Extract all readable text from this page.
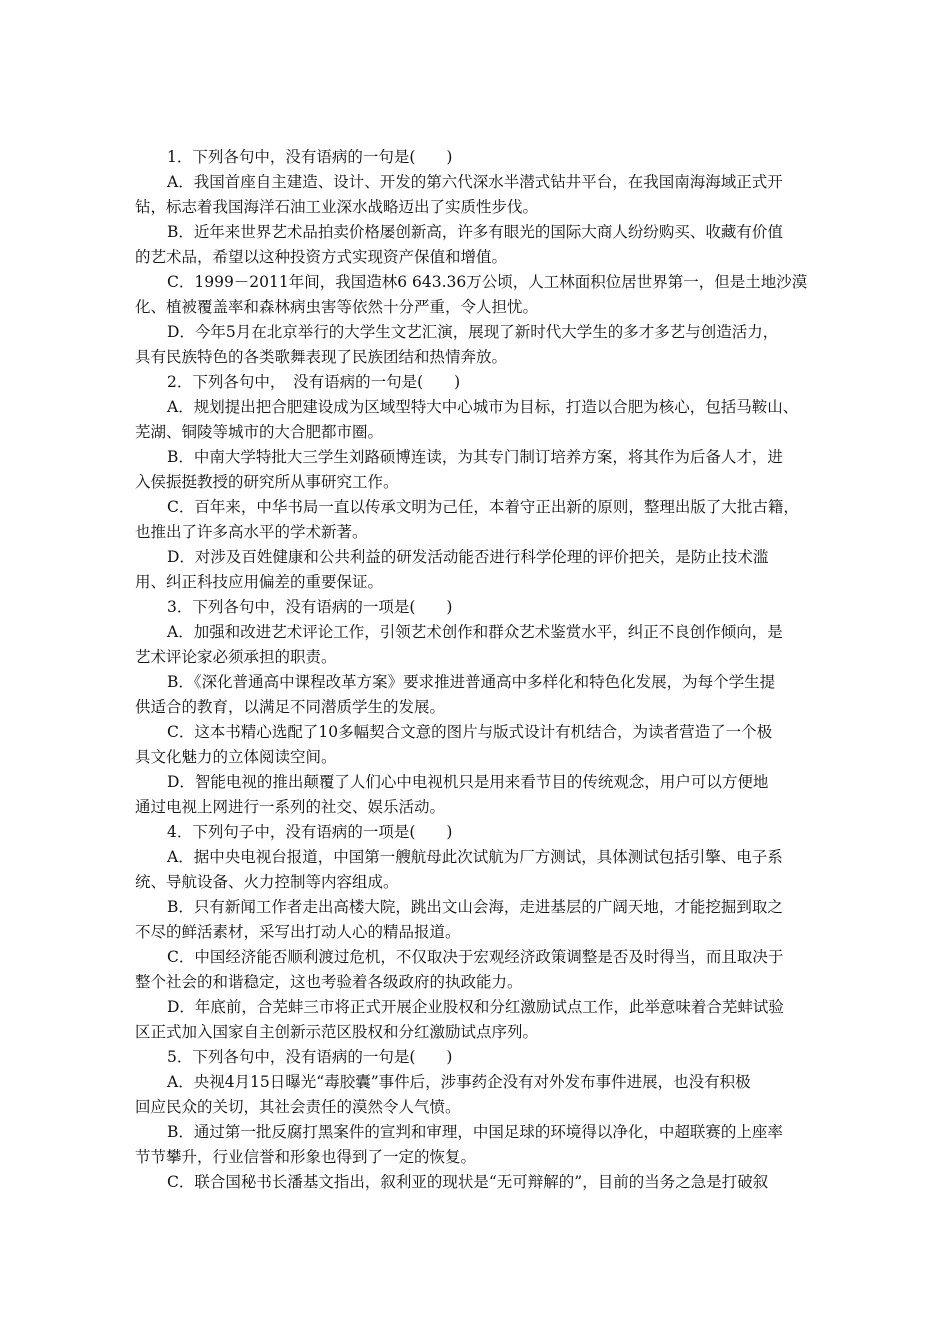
1．下列各句中，没有语病的一句是(　　)
A．我国首座自主建造、设计、开发的第六代深水半潜式钻井平台，在我国南海海域正式开
钻，标志着我国海洋石油工业深水战略迈出了实质性步伐。
B．近年来世界艺术品拍卖价格屡创新高，许多有眼光的国际大商人纷纷购买、收藏有价值
的艺术品，希望以这种投资方式实现资产保值和增值。
C．1999－2011年间，我国造林6 643.36万公顷，人工林面积位居世界第一，但是土地沙漠
化、植被覆盖率和森林病虫害等依然十分严重，令人担忧。
D．今年5月在北京举行的大学生文艺汇演，展现了新时代大学生的多才多艺与创造活力，
具有民族特色的各类歌舞表现了民族团结和热情奔放。
2．下列各句中，　没有语病的一句是(　　)
A．规划提出把合肥建设成为区域型特大中心城市为目标，打造以合肥为核心，包括马鞍山、
芜湖、铜陵等城市的大合肥都市圈。
B．中南大学特批大三学生刘路硕博连读，为其专门制订培养方案，将其作为后备人才，进
入侯振挺教授的研究所从事研究工作。
C．百年来，中华书局一直以传承文明为己任，本着守正出新的原则，整理出版了大批古籍，
也推出了许多高水平的学术新著。
D．对涉及百姓健康和公共利益的研发活动能否进行科学伦理的评价把关，是防止技术滥
用、纠正科技应用偏差的重要保证。
3．下列各句中，没有语病的一项是(　　)
A．加强和改进艺术评论工作，引领艺术创作和群众艺术鉴赏水平，纠正不良创作倾向，是
艺术评论家必须承担的职责。
B．《深化普通高中课程改革方案》要求推进普通高中多样化和特色化发展，为每个学生提
供适合的教育，以满足不同潜质学生的发展。
C．这本书精心选配了10多幅契合文意的图片与版式设计有机结合，为读者营造了一个极
具文化魅力的立体阅读空间。
D．智能电视的推出颠覆了人们心中电视机只是用来看节目的传统观念，用户可以方便地
通过电视上网进行一系列的社交、娱乐活动。
4．下列句子中，没有语病的一项是(　　)
A．据中央电视台报道，中国第一艘航母此次试航为厂方测试，具体测试包括引擎、电子系
统、导航设备、火力控制等内容组成。
B．只有新闻工作者走出高楼大院，跳出文山会海，走进基层的广阔天地，才能挖掘到取之
不尽的鲜活素材，采写出打动人心的精品报道。
C．中国经济能否顺利渡过危机，不仅取决于宏观经济政策调整是否及时得当，而且取决于
整个社会的和谐稳定，这也考验着各级政府的执政能力。
D．年底前，合芜蚌三市将正式开展企业股权和分红激励试点工作，此举意味着合芜蚌试验
区正式加入国家自主创新示范区股权和分红激励试点序列。
5．下列各句中，没有语病的一句是(　　)
A．央视4月15日曝光“毒胶囊”事件后，涉事药企没有对外发布事件进展，也没有积极
回应民众的关切，其社会责任的漠然令人气愤。
B．通过第一批反腐打黑案件的宣判和审理，中国足球的环境得以净化，中超联赛的上座率
节节攀升，行业信誉和形象也得到了一定的恢复。
C．联合国秘书长潘基文指出，叙利亚的现状是“无可辩解的”，目前的当务之急是打破叙
